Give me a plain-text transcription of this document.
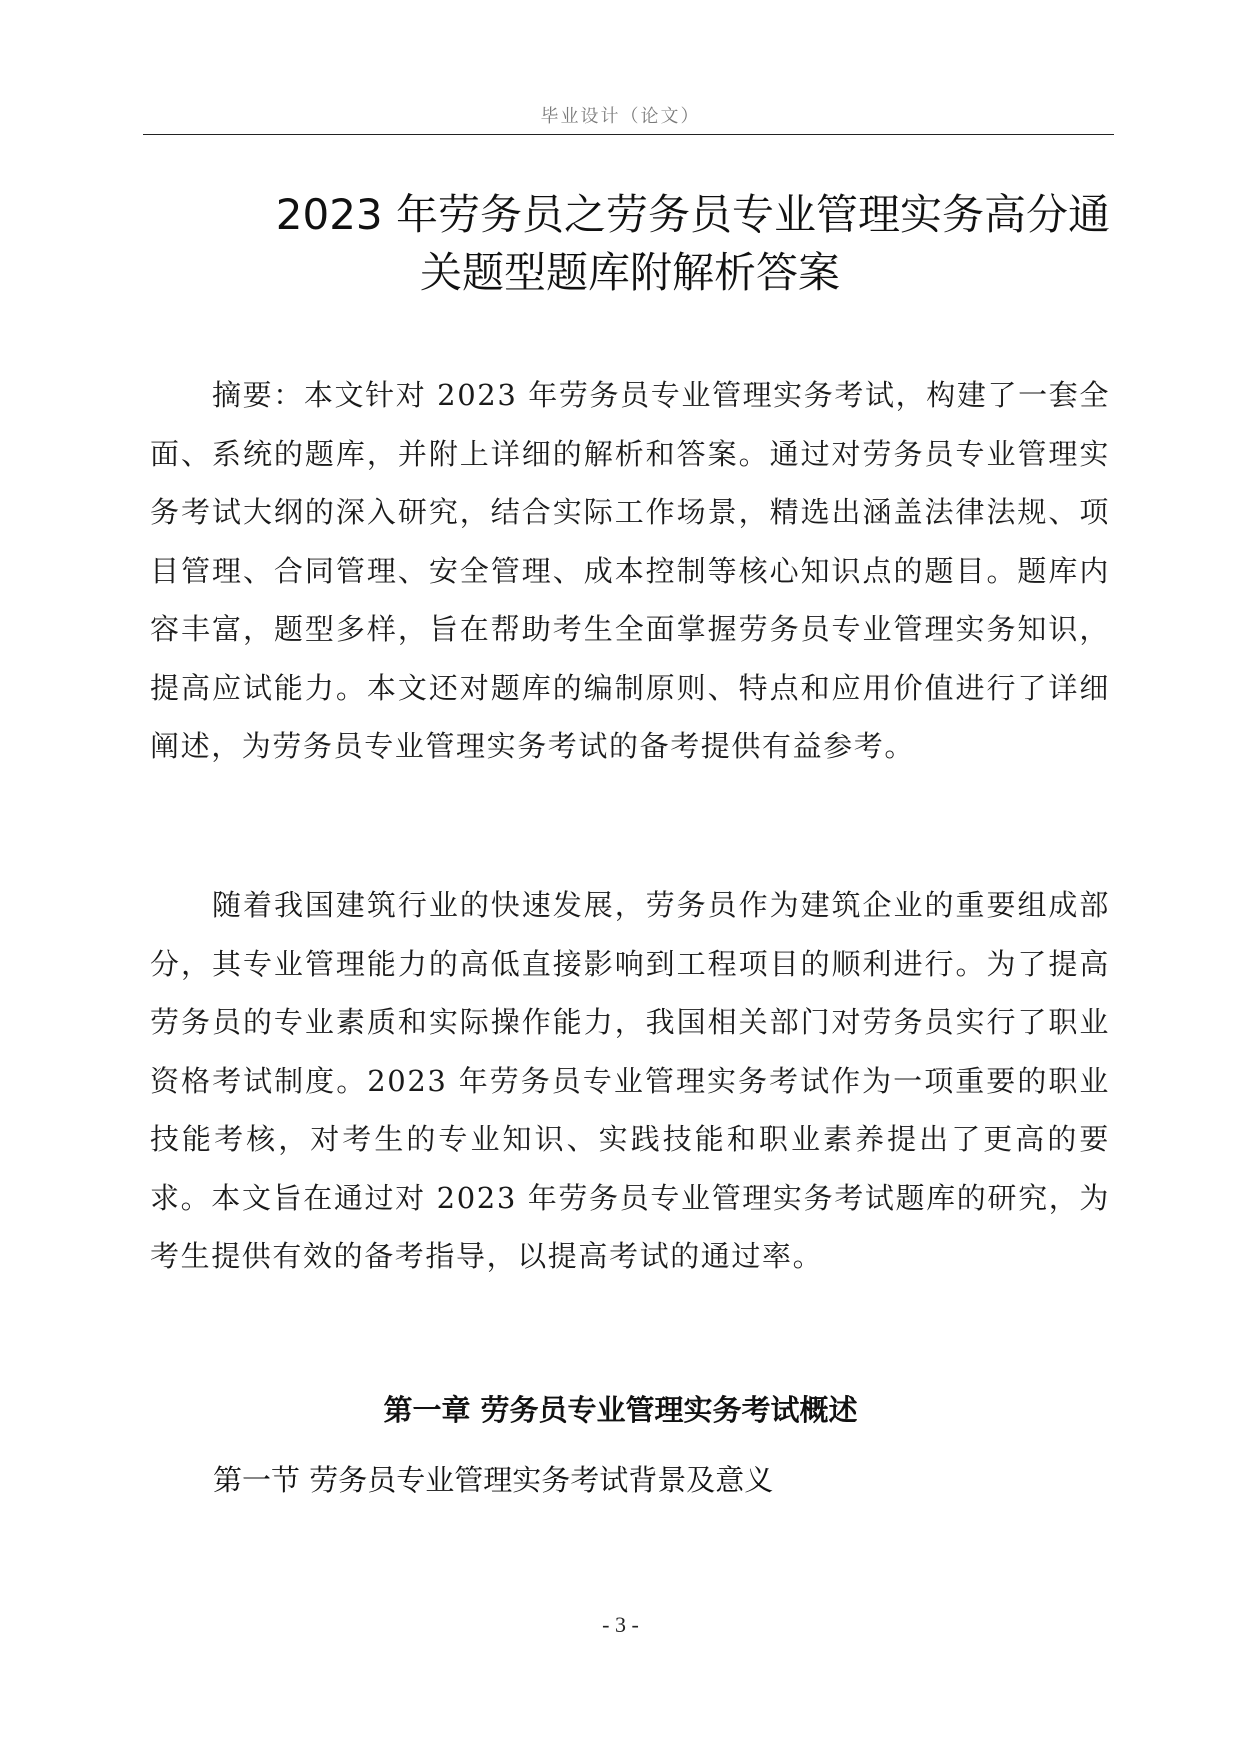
毕业设计（论文）
2023 年劳务员之劳务员专业管理实务高分通
关题型题库附解析答案

摘要：本文针对 2023 年劳务员专业管理实务考试，构建了一套全面、系统的题库，并附上详细的解析和答案。通过对劳务员专业管理实务考试大纲的深入研究，结合实际工作场景，精选出涵盖法律法规、项目管理、合同管理、安全管理、成本控制等核心知识点的题目。题库内容丰富，题型多样，旨在帮助考生全面掌握劳务员专业管理实务知识，提高应试能力。本文还对题库的编制原则、特点和应用价值进行了详细阐述，为劳务员专业管理实务考试的备考提供有益参考。

随着我国建筑行业的快速发展，劳务员作为建筑企业的重要组成部分，其专业管理能力的高低直接影响到工程项目的顺利进行。为了提高劳务员的专业素质和实际操作能力，我国相关部门对劳务员实行了职业资格考试制度。2023 年劳务员专业管理实务考试作为一项重要的职业技能考核，对考生的专业知识、实践技能和职业素养提出了更高的要求。本文旨在通过对 2023 年劳务员专业管理实务考试题库的研究，为考生提供有效的备考指导，以提高考试的通过率。

第一章 劳务员专业管理实务考试概述
第一节 劳务员专业管理实务考试背景及意义
- 3 -
